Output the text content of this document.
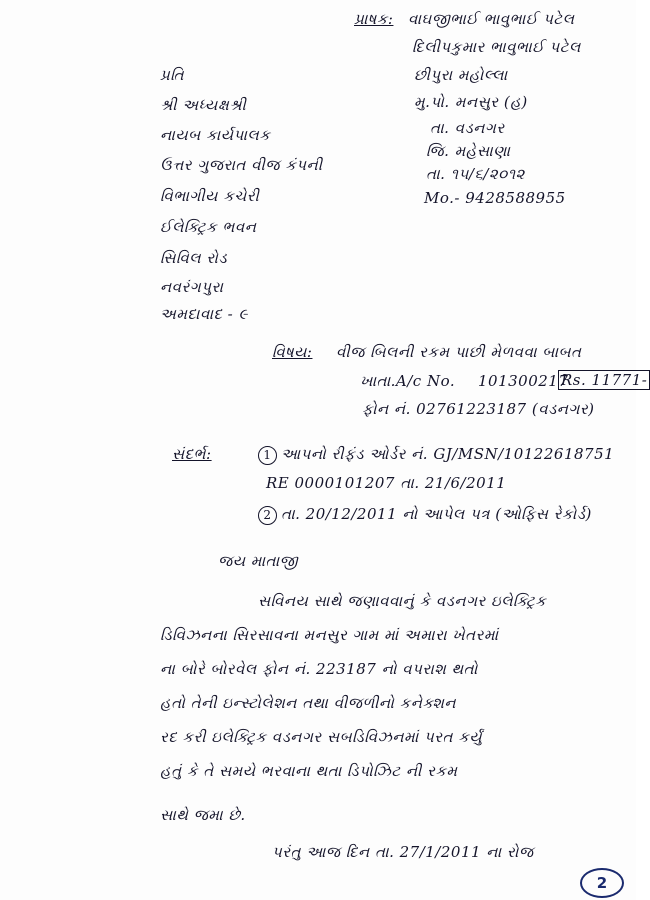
પ્રાષક: વાઘજીભાઈ ભાવુભાઈ પટેલ
દિલીપકુમાર ભાવુભાઈ પટેલ
છીપુરા મહોલ્લા
મુ.પો. મનસુર (હ)
તા. વડનગર
જિ. મહેસાણા
તા. ૧૫/૬/૨૦૧૨
Mo.- 9428588955
પ્રતિ
શ્રી અધ્યક્ષશ્રી
નાયબ કાર્યપાલક
ઉત્તર ગુજરાત વીજ કંપની
વિભાગીય કચેરી
ઈલેક્ટ્રિક ભવન
સિવિલ રોડ
નવરંગપુરા
અમદાવાદ - ૯
વિષય: વીજ બિલની રકમ પાછી મેળવવા બાબત
ખાતા.A/c No. 101300217
Rs. 11771-
ફોન નં. 02761223187 (વડનગર)
સંદર્ભ:	1 આપનો રીફંડ ઓર્ડર નં. GJ/MSN/10122618751
RE 0000101207 તા. 21/6/2011
2 તા. 20/12/2011 નો આપેલ પત્ર (ઓફિસ રેકોર્ડ)
જય માતાજી
સવિનય સાથે જણાવવાનું કે વડનગર ઇલેક્ટ્રિક
ડિવિઝનના સિરસાવના મનસુર ગામ માં અમારા ખેતરમાં
ના બોરે બોરવેલ ફોન નં. 223187 નો વપરાશ થતો
હતો તેની ઇન્સ્ટોલેશન તથા વીજળીનો કનેક્શન
રદ કરી ઇલેક્ટ્રિક વડનગર સબડિવિઝનમાં પરત કર્યું
હતું કે તે સમયે ભરવાના થતા ડિપોઝિટ ની રકમ
સાથે જમા છે.
પરંતુ આજ દિન તા. 27/1/2011 ના રોજ
2
